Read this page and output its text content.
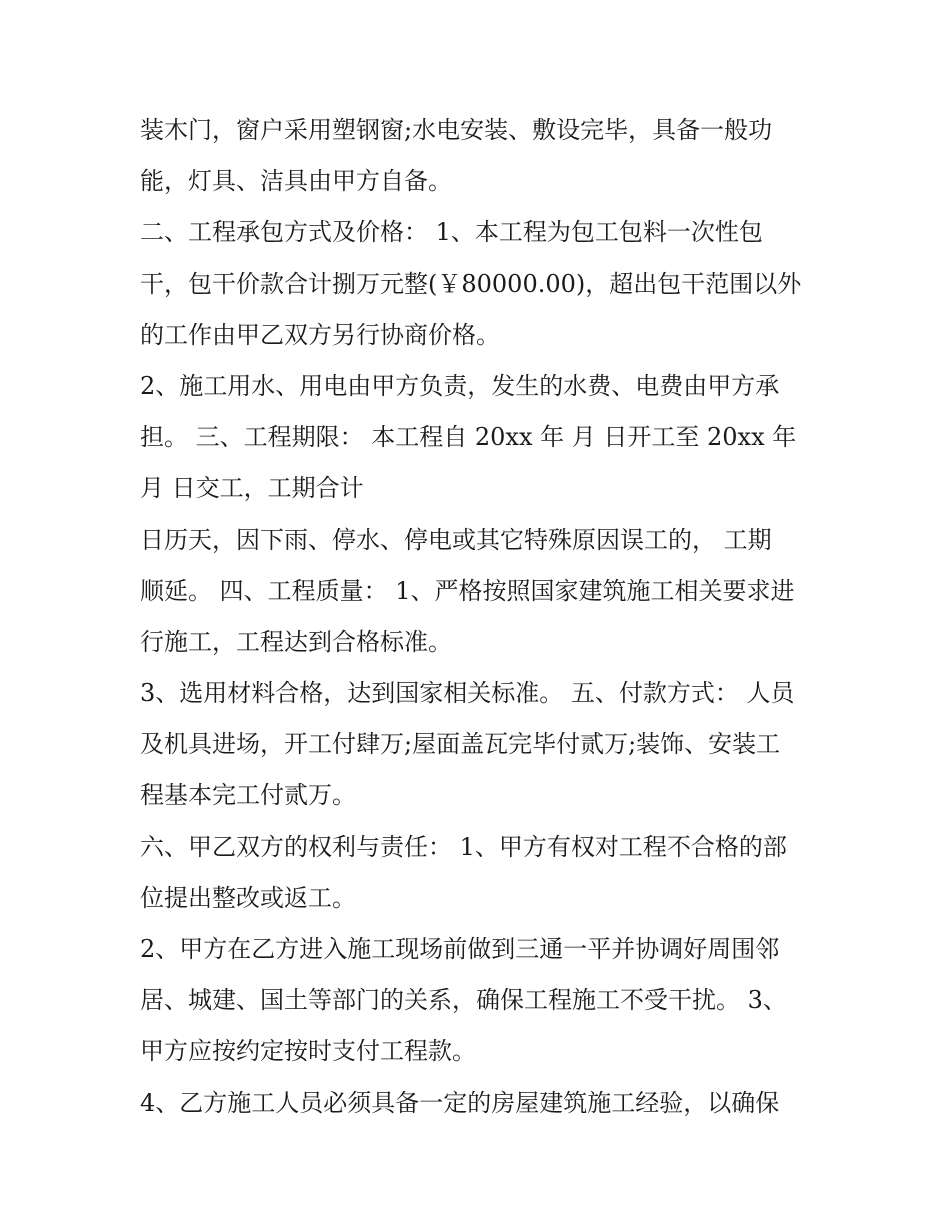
装木门，窗户采用塑钢窗;水电安装、敷设完毕，具备一般功
能，灯具、洁具由甲方自备。
二、工程承包方式及价格： 1、本工程为包工包料一次性包
干，包干价款合计捌万元整(￥80000.00)，超出包干范围以外
的工作由甲乙双方另行协商价格。
2、施工用水、用电由甲方负责，发生的水费、电费由甲方承
担。 三、工程期限： 本工程自 20xx 年 月 日开工至 20xx 年
月 日交工，工期合计
日历天，因下雨、停水、停电或其它特殊原因误工的， 工期
顺延。 四、工程质量： 1、严格按照国家建筑施工相关要求进
行施工，工程达到合格标准。
3、选用材料合格，达到国家相关标准。 五、付款方式： 人员
及机具进场，开工付肆万;屋面盖瓦完毕付贰万;装饰、安装工
程基本完工付贰万。
六、甲乙双方的权利与责任： 1、甲方有权对工程不合格的部
位提出整改或返工。
2、甲方在乙方进入施工现场前做到三通一平并协调好周围邻
居、城建、国土等部门的关系，确保工程施工不受干扰。 3、
甲方应按约定按时支付工程款。
4、乙方施工人员必须具备一定的房屋建筑施工经验，以确保
